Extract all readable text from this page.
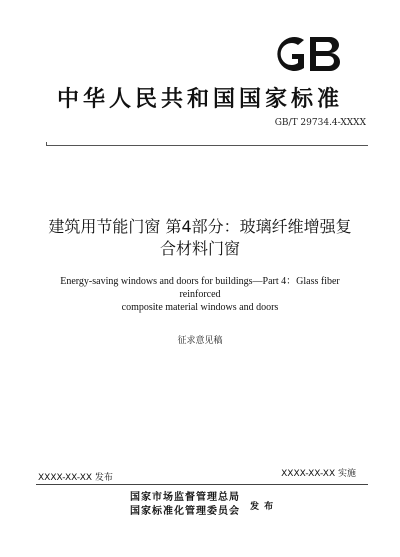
中华人民共和国国家标准
GB/T 29734.4-XXXX
建筑用节能门窗 第4部分：玻璃纤维增强复
合材料门窗
Energy-saving windows and doors for buildings—Part 4：Glass fiber reinforced
composite material windows and doors
征求意见稿
XXXX-XX-XX 发布	XXXX-XX-XX 实施
国家市场监督管理总局
国家标准化管理委员会 发 布
